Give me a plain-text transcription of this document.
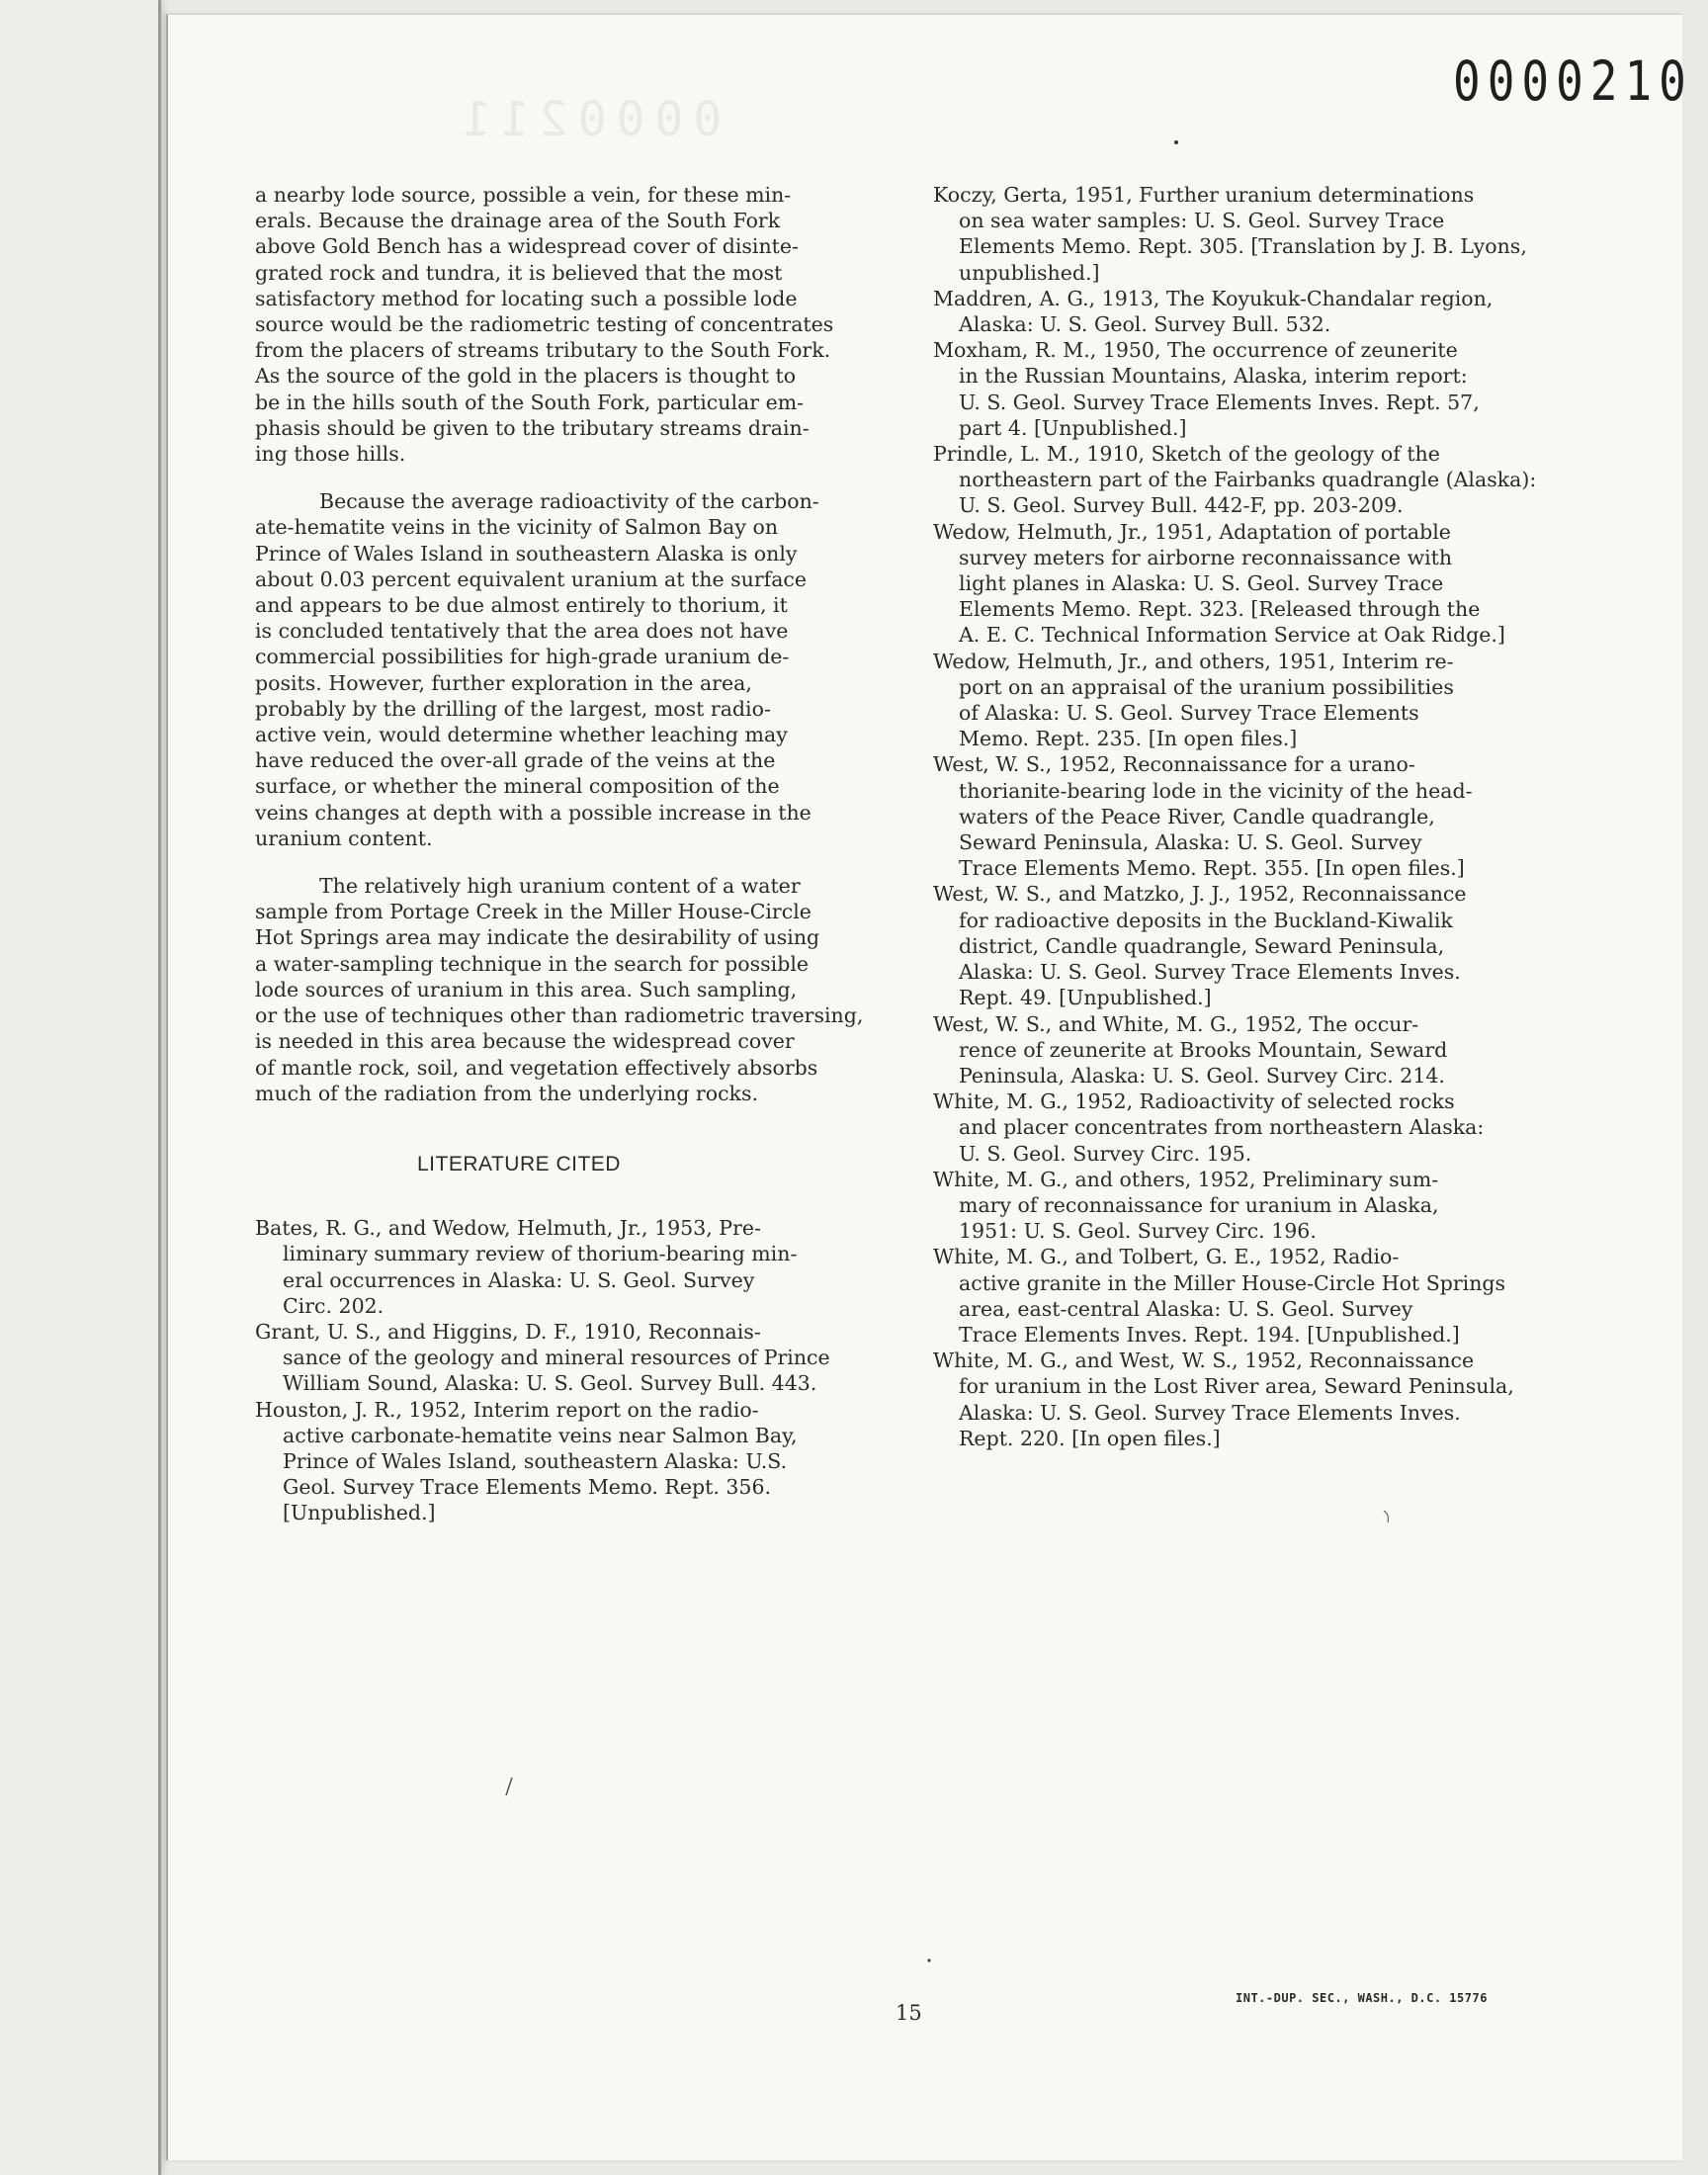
0000211
0000210
a nearby lode source, possible a vein, for these min-
erals. Because the drainage area of the South Fork
above Gold Bench has a widespread cover of disinte-
grated rock and tundra, it is believed that the most
satisfactory method for locating such a possible lode
source would be the radiometric testing of concentrates
from the placers of streams tributary to the South Fork.
As the source of the gold in the placers is thought to
be in the hills south of the South Fork, particular em-
phasis should be given to the tributary streams drain-
ing those hills.
Because the average radioactivity of the carbon-
ate-hematite veins in the vicinity of Salmon Bay on
Prince of Wales Island in southeastern Alaska is only
about 0.03 percent equivalent uranium at the surface
and appears to be due almost entirely to thorium, it
is concluded tentatively that the area does not have
commercial possibilities for high-grade uranium de-
posits. However, further exploration in the area,
probably by the drilling of the largest, most radio-
active vein, would determine whether leaching may
have reduced the over-all grade of the veins at the
surface, or whether the mineral composition of the
veins changes at depth with a possible increase in the
uranium content.
The relatively high uranium content of a water
sample from Portage Creek in the Miller House-Circle
Hot Springs area may indicate the desirability of using
a water-sampling technique in the search for possible
lode sources of uranium in this area. Such sampling,
or the use of techniques other than radiometric traversing,
is needed in this area because the widespread cover
of mantle rock, soil, and vegetation effectively absorbs
much of the radiation from the underlying rocks.
LITERATURE CITED
Bates, R. G., and Wedow, Helmuth, Jr., 1953, Pre-
liminary summary review of thorium-bearing min-
eral occurrences in Alaska: U. S. Geol. Survey
Circ. 202.
Grant, U. S., and Higgins, D. F., 1910, Reconnais-
sance of the geology and mineral resources of Prince
William Sound, Alaska: U. S. Geol. Survey Bull. 443.
Houston, J. R., 1952, Interim report on the radio-
active carbonate-hematite veins near Salmon Bay,
Prince of Wales Island, southeastern Alaska: U.S.
Geol. Survey Trace Elements Memo. Rept. 356.
[Unpublished.]
Koczy, Gerta, 1951, Further uranium determinations
on sea water samples: U. S. Geol. Survey Trace
Elements Memo. Rept. 305. [Translation by J. B. Lyons,
unpublished.]
Maddren, A. G., 1913, The Koyukuk-Chandalar region,
Alaska: U. S. Geol. Survey Bull. 532.
Moxham, R. M., 1950, The occurrence of zeunerite
in the Russian Mountains, Alaska, interim report:
U. S. Geol. Survey Trace Elements Inves. Rept. 57,
part 4. [Unpublished.]
Prindle, L. M., 1910, Sketch of the geology of the
northeastern part of the Fairbanks quadrangle (Alaska):
U. S. Geol. Survey Bull. 442-F, pp. 203-209.
Wedow, Helmuth, Jr., 1951, Adaptation of portable
survey meters for airborne reconnaissance with
light planes in Alaska: U. S. Geol. Survey Trace
Elements Memo. Rept. 323. [Released through the
A. E. C. Technical Information Service at Oak Ridge.]
Wedow, Helmuth, Jr., and others, 1951, Interim re-
port on an appraisal of the uranium possibilities
of Alaska: U. S. Geol. Survey Trace Elements
Memo. Rept. 235. [In open files.]
West, W. S., 1952, Reconnaissance for a urano-
thorianite-bearing lode in the vicinity of the head-
waters of the Peace River, Candle quadrangle,
Seward Peninsula, Alaska: U. S. Geol. Survey
Trace Elements Memo. Rept. 355. [In open files.]
West, W. S., and Matzko, J. J., 1952, Reconnaissance
for radioactive deposits in the Buckland-Kiwalik
district, Candle quadrangle, Seward Peninsula,
Alaska: U. S. Geol. Survey Trace Elements Inves.
Rept. 49. [Unpublished.]
West, W. S., and White, M. G., 1952, The occur-
rence of zeunerite at Brooks Mountain, Seward
Peninsula, Alaska: U. S. Geol. Survey Circ. 214.
White, M. G., 1952, Radioactivity of selected rocks
and placer concentrates from northeastern Alaska:
U. S. Geol. Survey Circ. 195.
White, M. G., and others, 1952, Preliminary sum-
mary of reconnaissance for uranium in Alaska,
1951: U. S. Geol. Survey Circ. 196.
White, M. G., and Tolbert, G. E., 1952, Radio-
active granite in the Miller House-Circle Hot Springs
area, east-central Alaska: U. S. Geol. Survey
Trace Elements Inves. Rept. 194. [Unpublished.]
White, M. G., and West, W. S., 1952, Reconnaissance
for uranium in the Lost River area, Seward Peninsula,
Alaska: U. S. Geol. Survey Trace Elements Inves.
Rept. 220. [In open files.]
15
INT.-DUP. SEC., WASH., D.C. 15776
